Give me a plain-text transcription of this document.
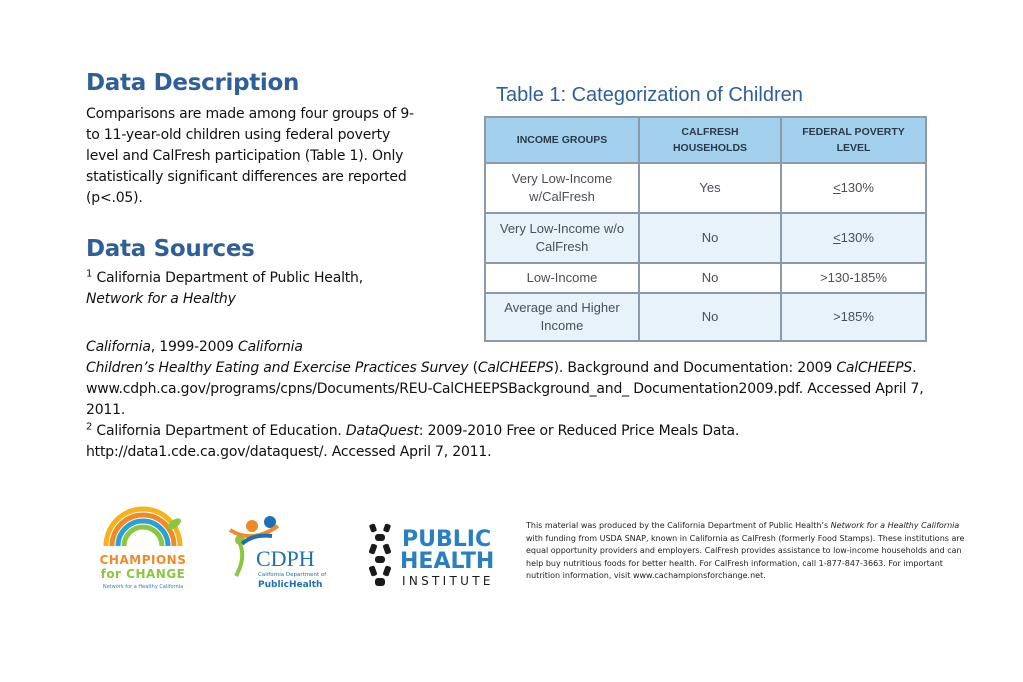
Data Description
Comparisons are made among four groups of 9- to 11-year-old children using federal poverty level and CalFresh participation (Table 1). Only statistically significant differences are reported (p<.05).
Data Sources
$^1$ California Department of Public Health,
Network for a Healthy

California, 1999-2009 California

Children’s Healthy Eating and Exercise Practices Survey (CalCHEEPS). Background and Documentation: 2009 CalCHEEPS. www.cdph.ca.gov/programs/cpns/Documents/REU-CalCHEEPSBackground_and_ Documentation2009.pdf. Accessed April 7, 2011.

$^2$ California Department of Education. DataQuest: 2009-2010 Free or Reduced Price Meals Data. http://data1.cde.ca.gov/dataquest/. Accessed April 7, 2011.

Table 1: Categorization of Children
INCOME GROUPS	CALFRESH HOUSEHOLDS	FEDERAL POVERTY LEVEL
Very Low-Income w/CalFresh	Yes	<130%
Very Low-Income w/o CalFresh	No	<130%
Low-Income	No	>130-185%
Average and Higher Income	No	>185%
CHAMPIONS
for CHANGE
Network for a Healthy California
CDPH
California Department of
PublicHealth
PUBLIC
HEALTH
INSTITUTE
This material was produced by the California Department of Public Health’s Network for a Healthy California with funding from USDA SNAP, known in California as CalFresh (formerly Food Stamps). These institutions are equal opportunity providers and employers. CalFresh provides assistance to low-income households and can help buy nutritious foods for better health. For CalFresh information, call 1-877-847-3663. For important nutrition information, visit www.cachampionsforchange.net.
